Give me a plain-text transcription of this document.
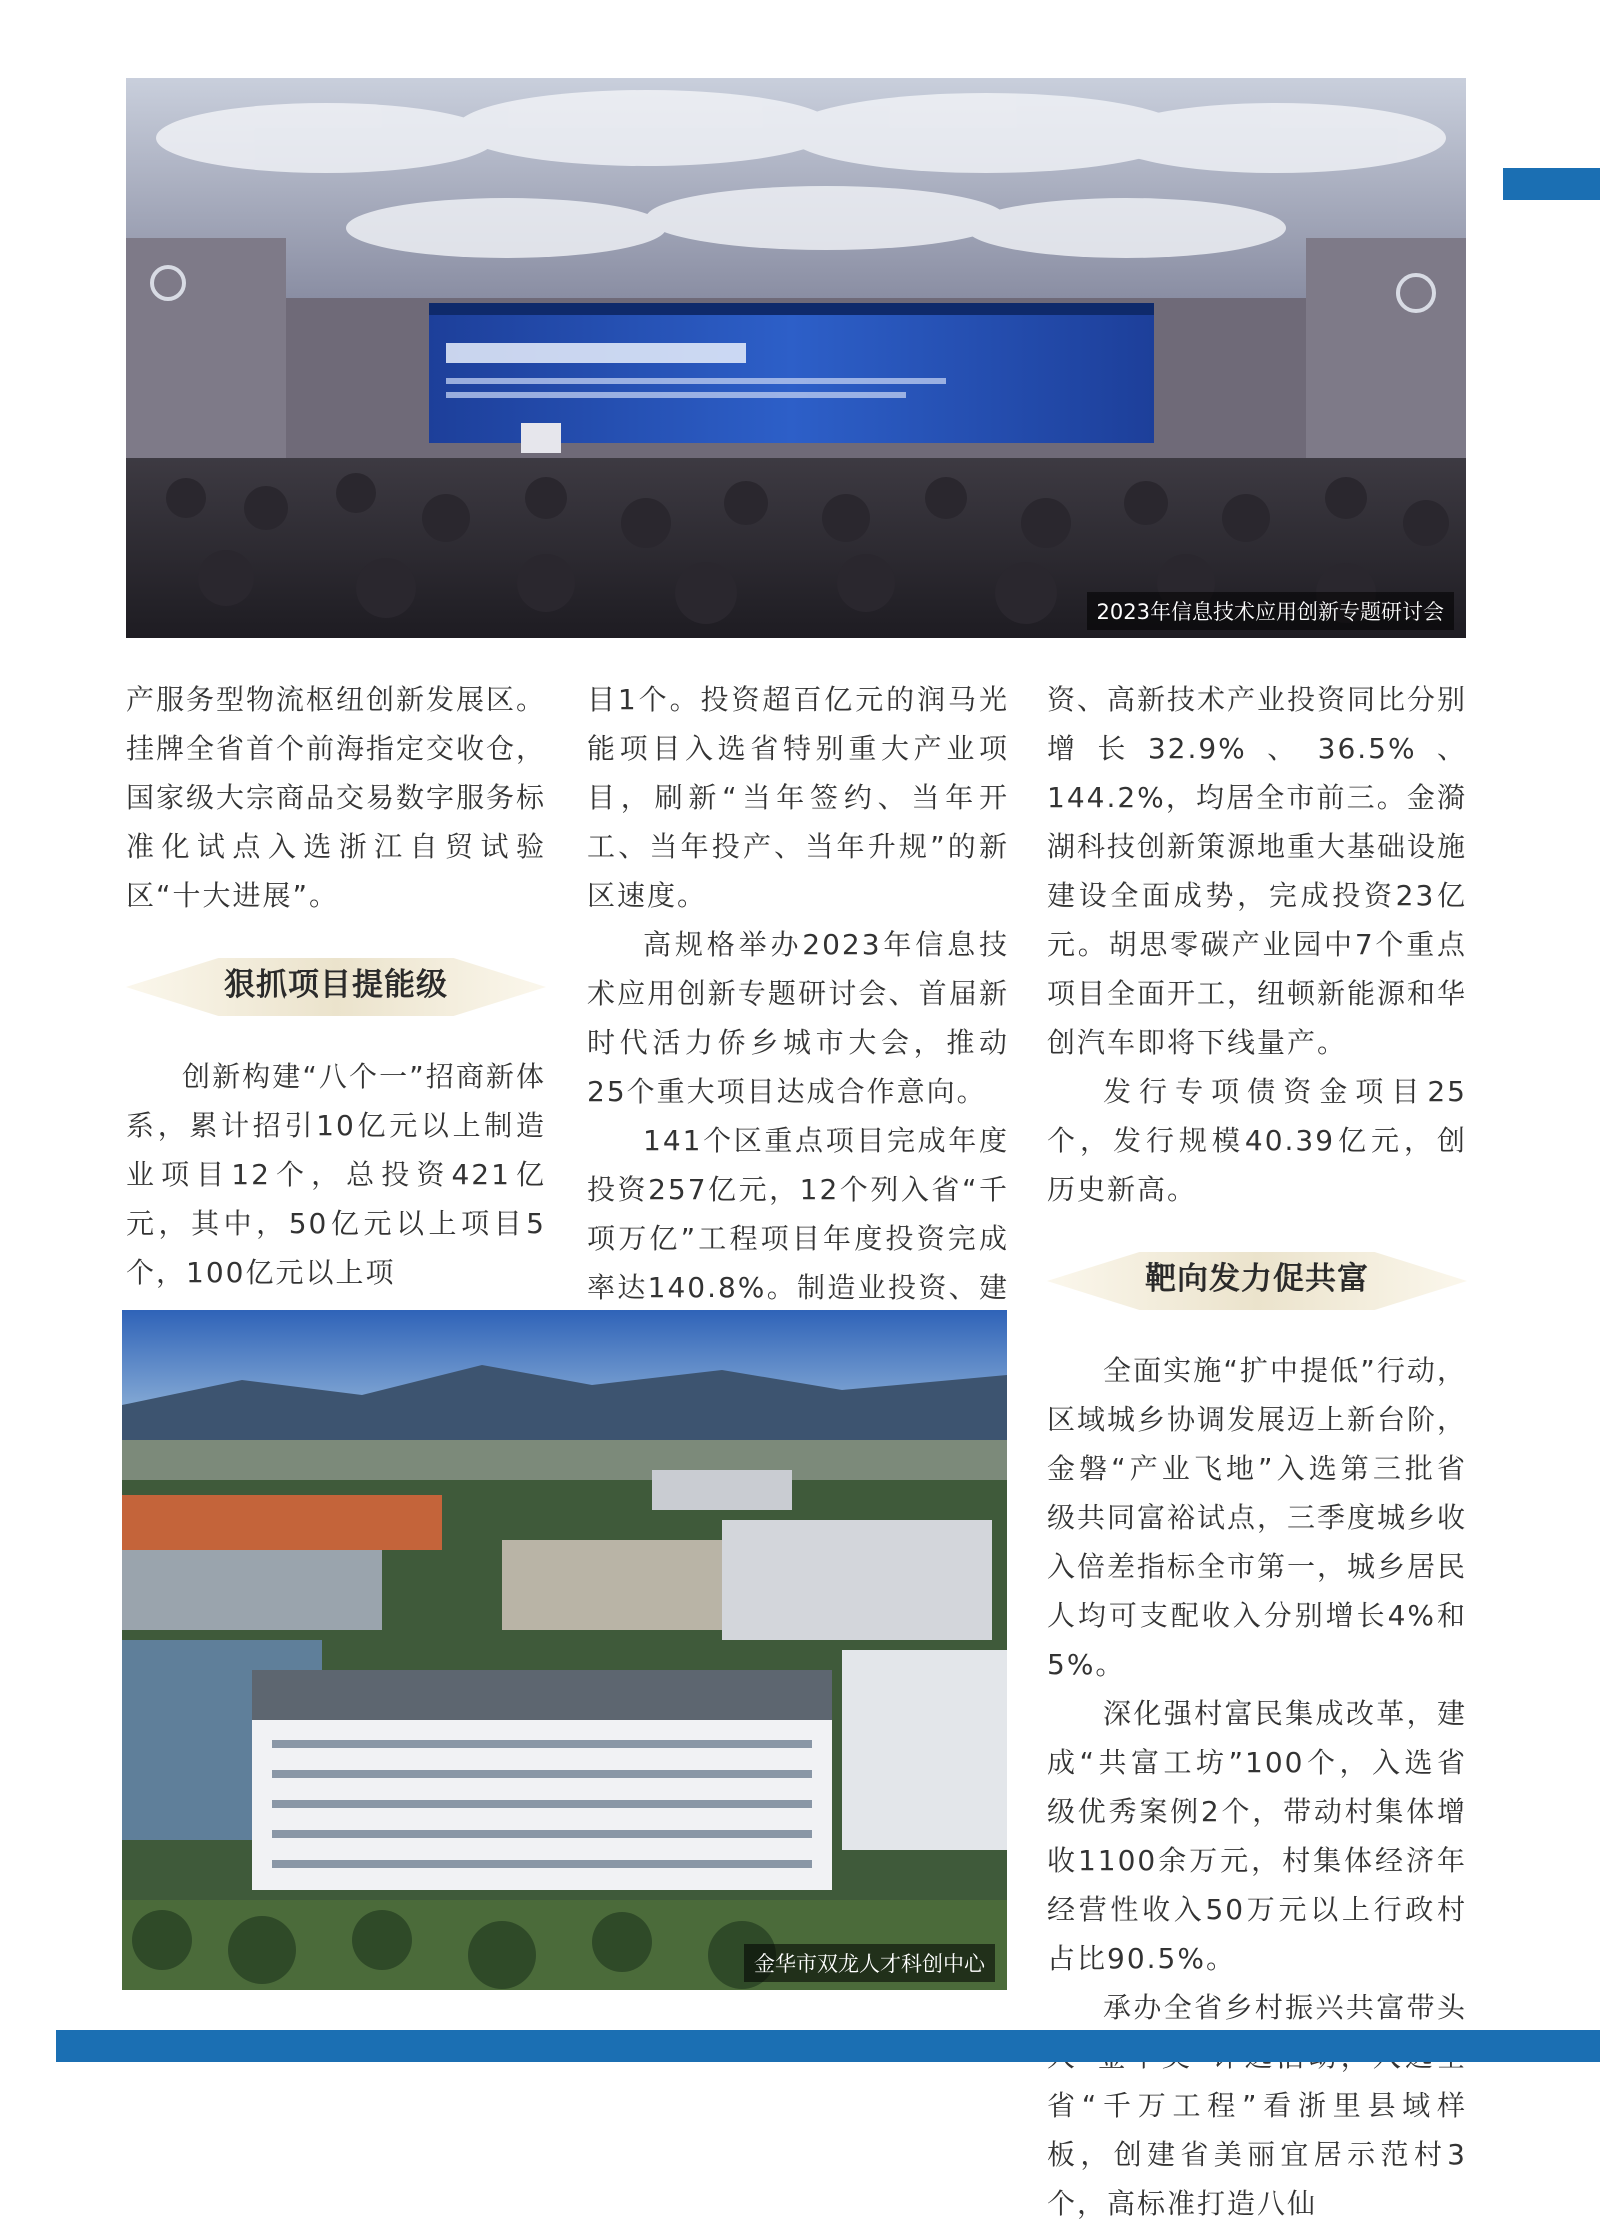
2023年信息技术应用创新专题研讨会

产服务型物流枢纽创新发展区。挂牌全省首个前海指定交收仓，国家级大宗商品交易数字服务标准化试点入选浙江自贸试验区“十大进展”。

狠抓项目提能级

创新构建“八个一”招商新体系，累计招引10亿元以上制造业项目12个，总投资421亿元，其中，50亿元以上项目5个，100亿元以上项

目1个。投资超百亿元的润马光能项目入选省特别重大产业项目，刷新“当年签约、当年开工、当年投产、当年升规”的新区速度。

高规格举办2023年信息技术应用创新专题研讨会、首届新时代活力侨乡城市大会，推动25个重大项目达成合作意向。

141个区重点项目完成年度投资257亿元，12个列入省“千项万亿”工程项目年度投资完成率达140.8%。制造业投资、建

资、高新技术产业投资同比分别增长32.9%、36.5%、144.2%，均居全市前三。金漪湖科技创新策源地重大基础设施建设全面成势，完成投资23亿元。胡思零碳产业园中7个重点项目全面开工，纽顿新能源和华创汽车即将下线量产。

发行专项债资金项目25个，发行规模40.39亿元，创历史新高。

靶向发力促共富

全面实施“扩中提低”行动，区域城乡协调发展迈上新台阶，金磐“产业飞地”入选第三批省级共同富裕试点，三季度城乡收入倍差指标全市第一，城乡居民人均可支配收入分别增长4%和5%。

深化强村富民集成改革，建成“共富工坊”100个，入选省级优秀案例2个，带动村集体增收1100余万元，村集体经济年经营性收入50万元以上行政村占比90.5%。

承办全省乡村振兴共富带头 省“千万工程”看浙里县域样板，创建省美丽宜居示范村3个，高标准打造八仙

金华市双龙人才科创中心
